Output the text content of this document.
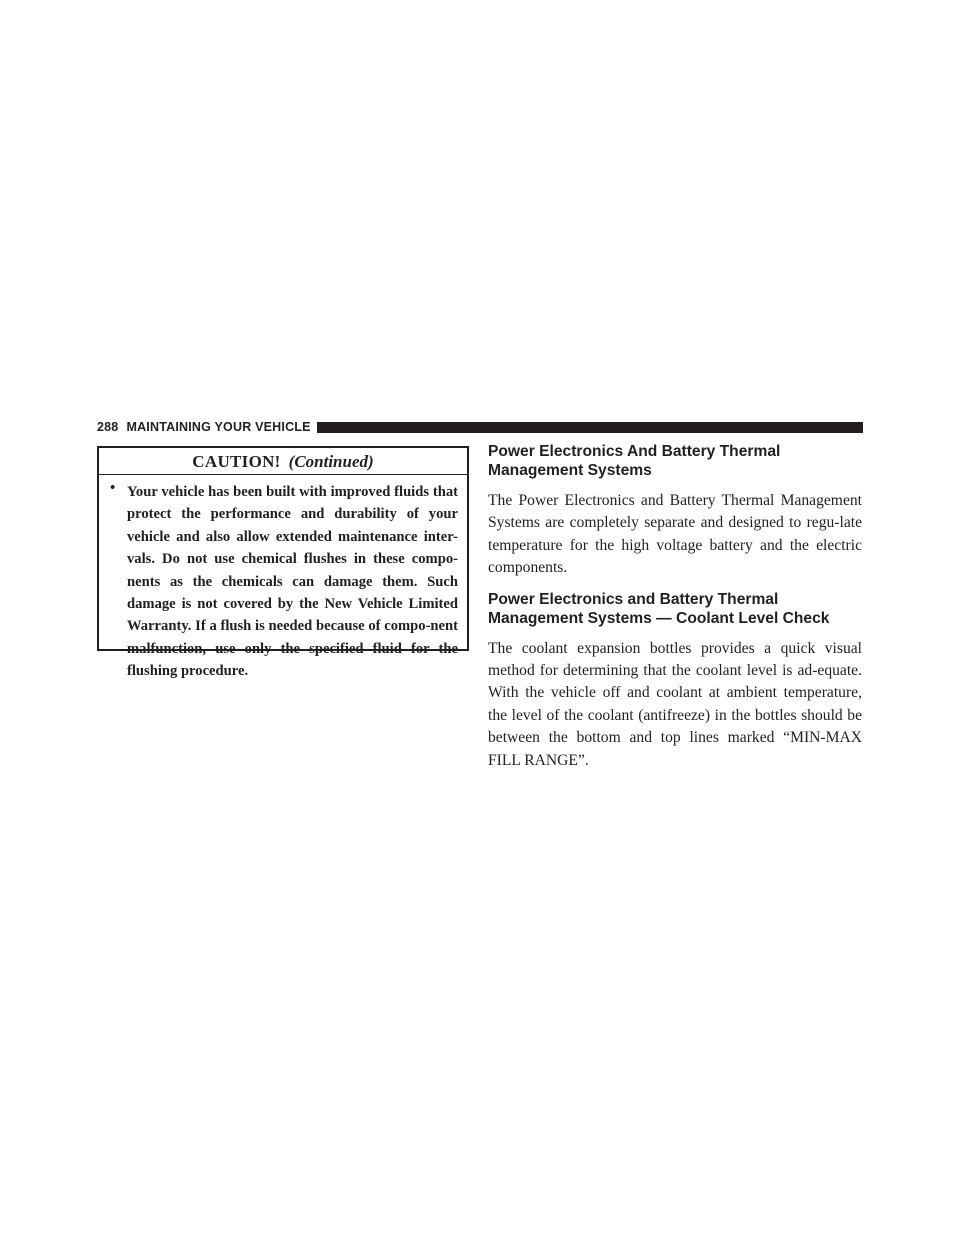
288 MAINTAINING YOUR VEHICLE
CAUTION! (Continued)
• Your vehicle has been built with improved fluids that protect the performance and durability of your vehicle and also allow extended maintenance inter-vals. Do not use chemical flushes in these compo-nents as the chemicals can damage them. Such damage is not covered by the New Vehicle Limited Warranty. If a flush is needed because of compo-nent malfunction, use only the specified fluid for the flushing procedure.

Power Electronics And Battery Thermal Management Systems

The Power Electronics and Battery Thermal Management Systems are completely separate and designed to regu-late temperature for the high voltage battery and the electric components.

Power Electronics and Battery Thermal Management Systems — Coolant Level Check

The coolant expansion bottles provides a quick visual method for determining that the coolant level is ad-equate. With the vehicle off and coolant at ambient temperature, the level of the coolant (antifreeze) in the bottles should be between the bottom and top lines marked “MIN-MAX FILL RANGE”.
